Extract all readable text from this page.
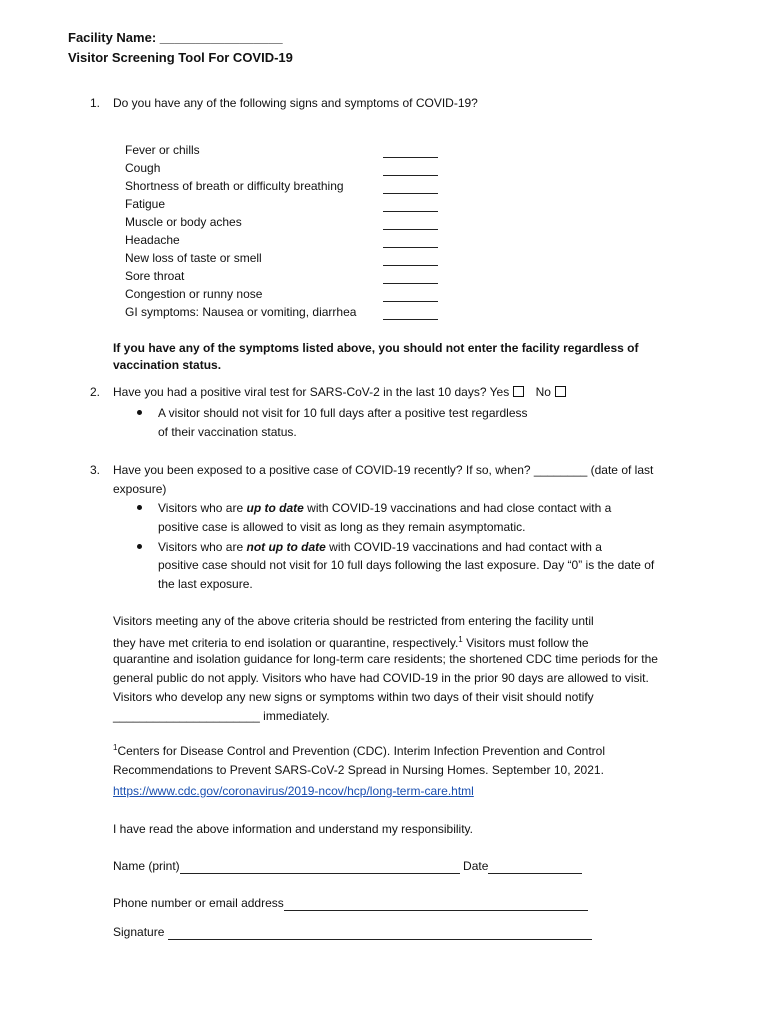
Facility Name: _________________
Visitor Screening Tool For COVID-19
1. Do you have any of the following signs and symptoms of COVID-19?
Fever or chills
Cough
Shortness of breath or difficulty breathing
Fatigue
Muscle or body aches
Headache
New loss of taste or smell
Sore throat
Congestion or runny nose
GI symptoms: Nausea or vomiting, diarrhea
If you have any of the symptoms listed above, you should not enter the facility regardless of
vaccination status.
2. Have you had a positive viral test for SARS-CoV-2 in the last 10 days? Yes No
A visitor should not visit for 10 full days after a positive test regardless
of their vaccination status.
3. Have you been exposed to a positive case of COVID-19 recently? If so, when? ________ (date of last
exposure)
Visitors who are up to date with COVID-19 vaccinations and had close contact with a
positive case is allowed to visit as long as they remain asymptomatic.
Visitors who are not up to date with COVID-19 vaccinations and had contact with a
positive case should not visit for 10 full days following the last exposure. Day “0” is the date of
the last exposure.
Visitors meeting any of the above criteria should be restricted from entering the facility until
they have met criteria to end isolation or quarantine, respectively.$^1$ Visitors must follow the
quarantine and isolation guidance for long-term care residents; the shortened CDC time periods for the
general public do not apply. Visitors who have had COVID-19 in the prior 90 days are allowed to visit.
Visitors who develop any new signs or symptoms within two days of their visit should notify
______________________ immediately.
$^1$Centers for Disease Control and Prevention (CDC). Interim Infection Prevention and Control
Recommendations to Prevent SARS-CoV-2 Spread in Nursing Homes. September 10, 2021.
https://www.cdc.gov/coronavirus/2019-ncov/hcp/long-term-care.html
I have read the above information and understand my responsibility.
Name (print)	Date
Phone number or email address
Signature
